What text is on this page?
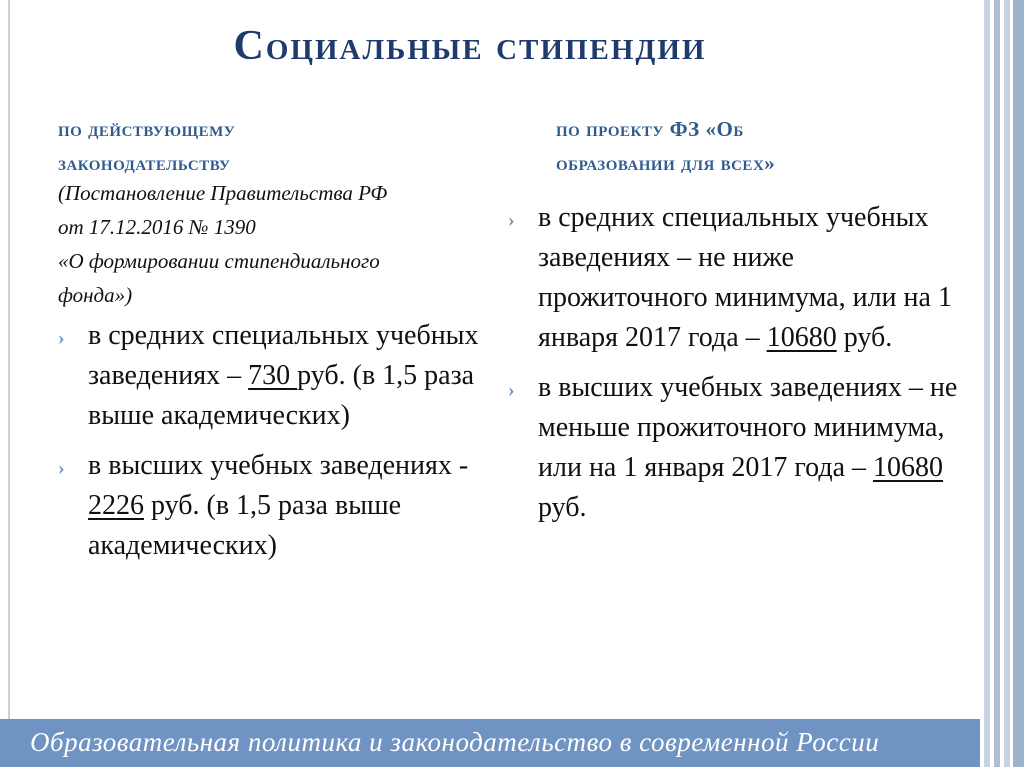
Социальные стипендии
по действующему
законодательству
(Постановление Правительства РФ
от 17.12.2016 № 1390
«О формировании стипендиального
фонда»)
› в средних специальных учебных заведениях – 730 руб. (в 1,5 раза выше академических)
› в высших учебных заведениях - 2226 руб. (в 1,5 раза выше академических)
по проекту ФЗ «Об
образовании для всех»
› в средних специальных учебных заведениях – не ниже прожиточного минимума, или на 1 января 2017 года – 10680 руб.
› в высших учебных заведениях – не меньше прожиточного минимума, или на 1 января 2017 года – 10680 руб.
Образовательная политика и законодательство в современной России
